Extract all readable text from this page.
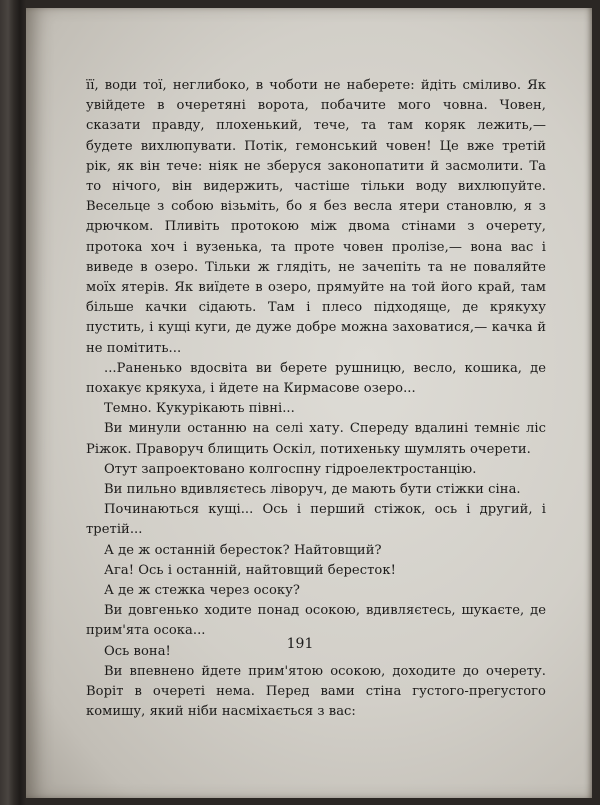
її, води тої, неглибоко, в чоботи не наберете: йдіть сміливо. Як увійдете в очеретяні ворота, побачите мого човна. Човен, сказати правду, плохенький, тече, та там коряк лежить,— будете вихлюпувати. Потік, гемонський човен! Це вже третій рік, як він тече: ніяк не зберуся законопатити й засмолити. Та то нічого, він видержить, частіше тільки воду вихлюпуйте. Весельце з собою візьміть, бо я без весла ятери становлю, я з дрючком. Пливіть протокою між двома стінами з очерету, протока хоч і вузенька, та проте човен пролізе,— вона вас і виведе в озеро. Тільки ж глядіть, не зачепіть та не поваляйте моїх ятерів. Як виїдете в озеро, прямуйте на той його край, там більше качки сідають. Там і плесо підходяще, де крякуху пустить, і кущі куги, де дуже добре можна заховатися,— качка й не помітить...

...Раненько вдосвіта ви берете рушницю, весло, кошика, де похакує крякуха, і йдете на Кирмасове озеро...

Темно. Кукурікають півні...

Ви минули останню на селі хату. Спереду вдалині темніє ліс Ріжок. Праворуч блищить Оскіл, потихеньку шумлять очерети.

Отут запроектовано колгоспну гідроелектростанцію.

Ви пильно вдивляєтесь ліворуч, де мають бути стіжки сіна.

Починаються кущі... Ось і перший стіжок, ось і другий, і третій...

А де ж останній бересток? Найтовщий?

Ага! Ось і останній, найтовщий бересток!

А де ж стежка через осоку?

Ви довгенько ходите понад осокою, вдивляєтесь, шукаєте, де прим'ята осока...

Ось вона!

Ви впевнено йдете прим'ятою осокою, доходите до очерету. Ворiт в очереті нема. Перед вами стіна густого-прегустого комишу, який ніби насміхається з вас:

191
